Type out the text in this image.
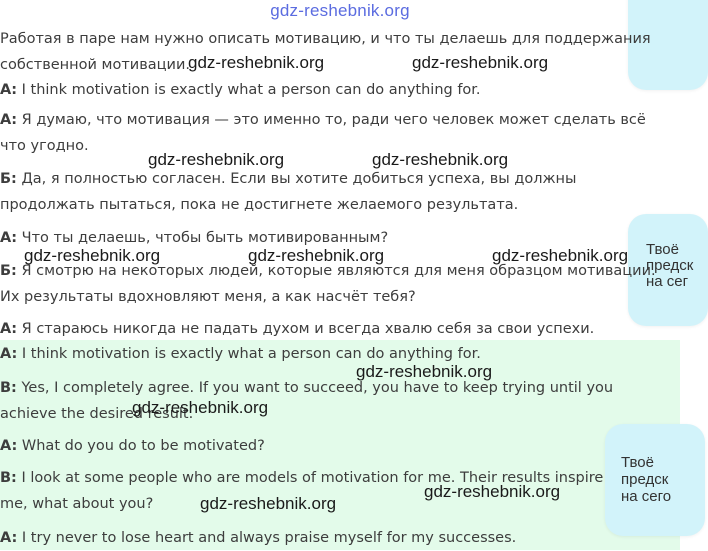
gdz-reshebnik.org
Твоё
предск
на сег
Твоё
предск
на сего
Работая в паре нам нужно описать мотивацию, и что ты делаешь для поддержания собственной мотивации.
А: I think motivation is exactly what a person can do anything for.
А: Я думаю, что мотивация — это именно то, ради чего человек может сделать всё что угодно.
Б: Да, я полностью согласен. Если вы хотите добиться успеха, вы должны продолжать пытаться, пока не достигнете желаемого результата.
А: Что ты делаешь, чтобы быть мотивированным?
Б: Я смотрю на некоторых людей, которые являются для меня образцом мотивации. Их результаты вдохновляют меня, а как насчёт тебя?
А: Я стараюсь никогда не падать духом и всегда хвалю себя за свои успехи.
A: I think motivation is exactly what a person can do anything for.
B: Yes, I completely agree. If you want to succeed, you have to keep trying until you achieve the desired result.
A: What do you do to be motivated?
B: I look at some people who are models of motivation for me. Their results inspire me, what about you?
A: I try never to lose heart and always praise myself for my successes.
gdz-reshebnik.org	gdz-reshebnik.org
gdz-reshebnik.org	gdz-reshebnik.org
gdz-reshebnik.org	gdz-reshebnik.org	gdz-reshebnik.org
gdz-reshebnik.org
gdz-reshebnik.org
gdz-reshebnik.org
gdz-reshebnik.org
